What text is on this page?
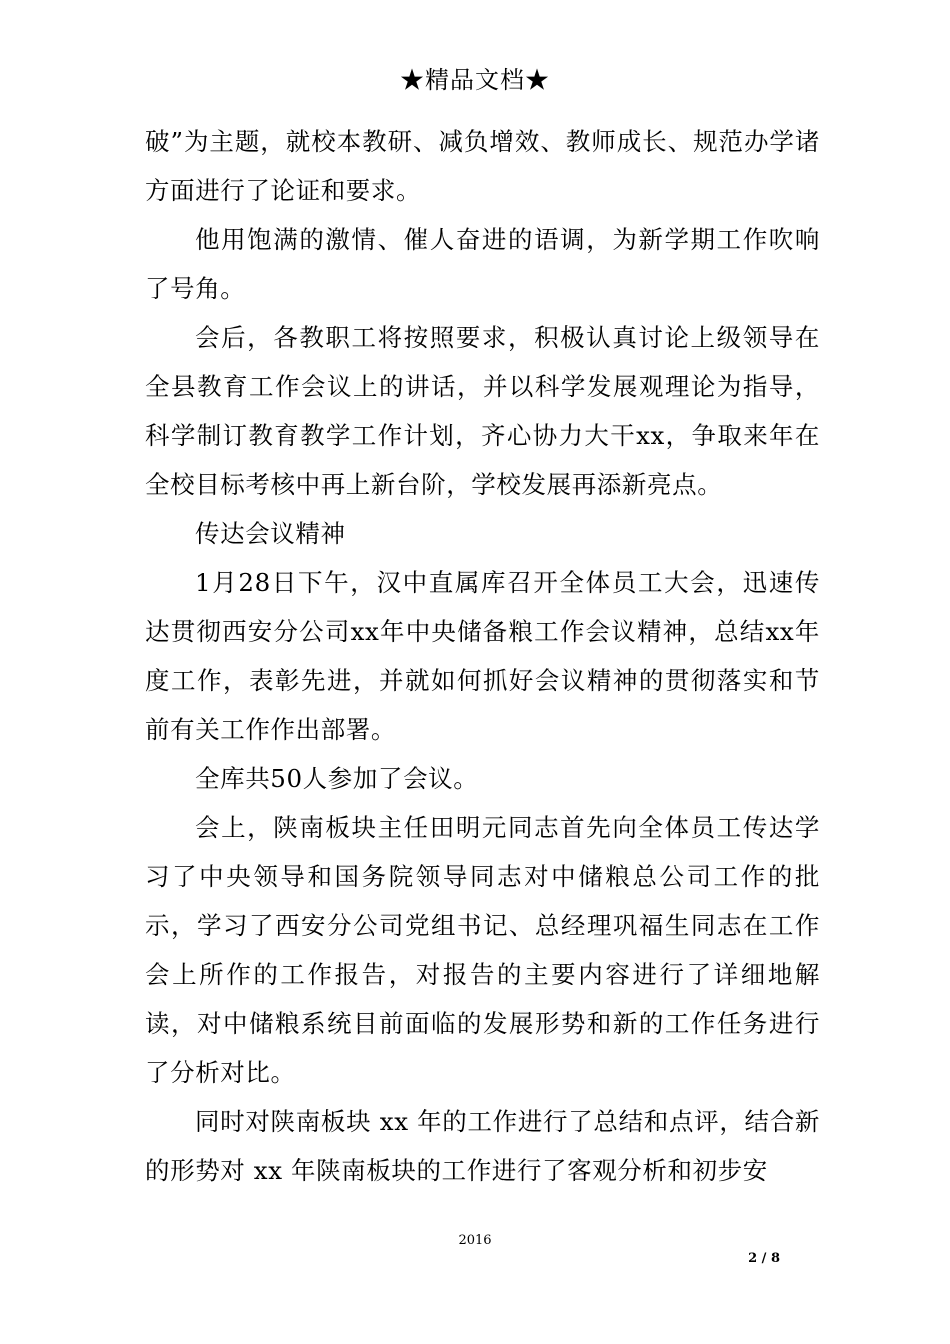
★精品文档★

破”为主题，就校本教研、减负增效、教师成长、规范办学诸方面进行了论证和要求。

他用饱满的激情、催人奋进的语调，为新学期工作吹响了号角。

会后，各教职工将按照要求，积极认真讨论上级领导在全县教育工作会议上的讲话，并以科学发展观理论为指导，科学制订教育教学工作计划，齐心协力大干xx，争取来年在全校目标考核中再上新台阶，学校发展再添新亮点。

传达会议精神

1月28日下午，汉中直属库召开全体员工大会，迅速传达贯彻西安分公司xx年中央储备粮工作会议精神，总结xx年度工作，表彰先进，并就如何抓好会议精神的贯彻落实和节前有关工作作出部署。

全库共50人参加了会议。

会上，陕南板块主任田明元同志首先向全体员工传达学习了中央领导和国务院领导同志对中储粮总公司工作的批示，学习了西安分公司党组书记、总经理巩福生同志在工作会上所作的工作报告，对报告的主要内容进行了详细地解读，对中储粮系统目前面临的发展形势和新的工作任务进行了分析对比。

同时对陕南板块 xx 年的工作进行了总结和点评，结合新的形势对 xx 年陕南板块的工作进行了客观分析和初步安

2016
2 / 8
